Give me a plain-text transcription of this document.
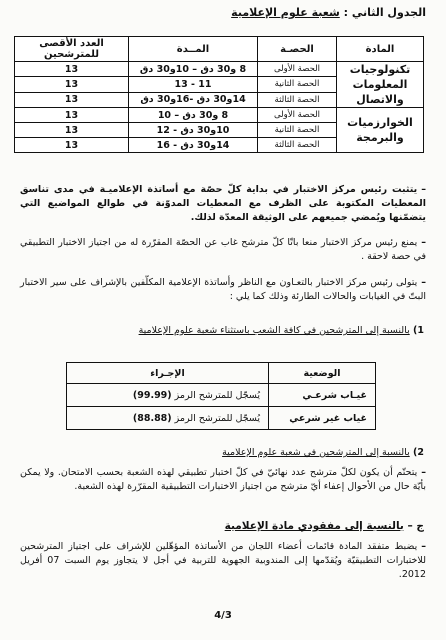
الجدول الثاني : شعبة علوم الإعلامية
المادة	الحصـة	المــدة	العدد الأقصى للمترشحين
تكنولوجيات المعلومات والاتصال	الحصة الأولى	8 و30 دق – 10و30 دق	13
	الحصة الثانية	11 - 13	13
	الحصة الثالثة	14و30 دق -16و30 دق	13
الخوارزميات والبرمجة	الحصة الأولى	8 و30 دق – 10	13
	الحصة الثانية	10و30 دق - 12	13
	الحصة الثالثة	14و30 دق - 16	13
–يتثبت رئيس مركز الاختبار في بداية كلّ حصّة مع أساتذة الإعلاميـة في مدى تناسق المعطيات المكتوبة على الظرف مع المعطيات المدوّنة في طوالع المواضيع التي يتضمّنها ويُمضي جميعهم على الوثيقة المعدّة لذلك.
–يمنع رئيس مركز الاختبار منعا باتّا كلّ مترشح غاب عن الحصّة المقرّرة له من اجتياز الاختبار التطبيقي في حصة لاحقة .
–يتولى رئيس مركز الاختبار بالتعـاون مع الناظر وأساتذة الإعلامية المكلّفين بالإشراف على سير الاختبار البتّ في الغيابات والحالات الطارئة وذلك كما يلي :
1) بالنسبة إلى المترشحين في كافة الشعب باستثناء شعبة علوم الإعلامية
الوضعية	الإجـراء
غيـاب شرعـي	يُسجّل للمترشح الرمز (99.99)
غياب غير شرعي	يُسجّل للمترشح الرمز (88.88)
2) بالنسبة إلى المترشحين في شعبة علوم الإعلامية
–يتحتّم أن يكون لكلّ مترشح عدد نهائيّ في كلّ اختبار تطبيقي لهذه الشعبة بحسب الامتحان. ولا يمكن بأيّة حال من الأحوال إعفاء أيّ مترشح من اجتياز الاختبارات التطبيقية المقرّرة لهذه الشعبة.
ج – بالنسبة إلى مفقودي مادة الإعلامية
–يضبط متفقد المادة قائمات أعضاء اللجان من الأساتذة المؤهّلين للإشراف على اجتياز المترشحين للاختبارات التطبيقيّة ويُقدّمها إلى المندوبية الجهوية للتربية في أجل لا يتجاوز يوم السبت 07 أفريل 2012.
4/3
